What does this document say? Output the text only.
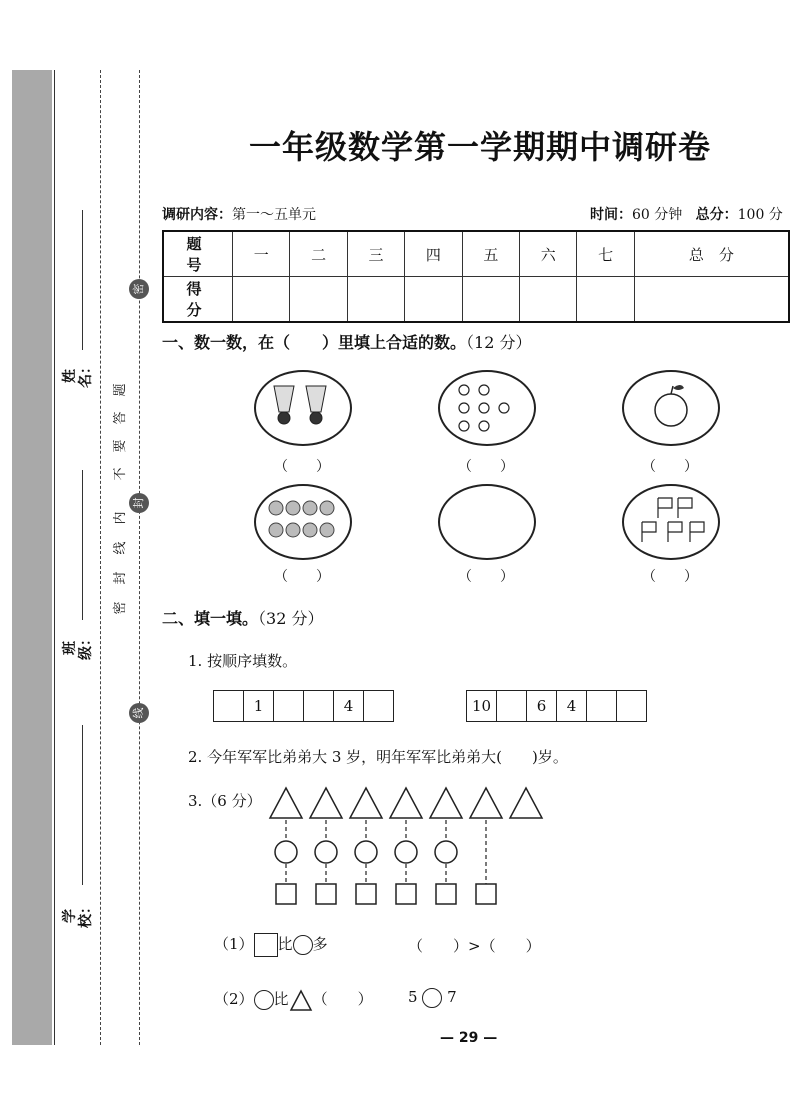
姓名：
班级：
学校：
题
答
要
不
内
线
封
密
密
封
线
一年级数学第一学期期中调研卷
调研内容：第一～五单元	时间：60 分钟 总分：100 分
题　号	一	二	三	四	五	六	七	总　分
得　分								
一、数一数，在（　　）里填上合适的数。（12 分）
（　　）	（　　）	（　　）
（　　）	（　　）	（　　）
二、填一填。（32 分）
1. 按顺序填数。
1	4	10	6	4
2. 今年军军比弟弟大 3 岁，明年军军比弟弟大(　　)岁。
3.（6 分）
（1） 比 多	（　　）>（　　）
（2） 比 （　　） 5 7
— 29 —
